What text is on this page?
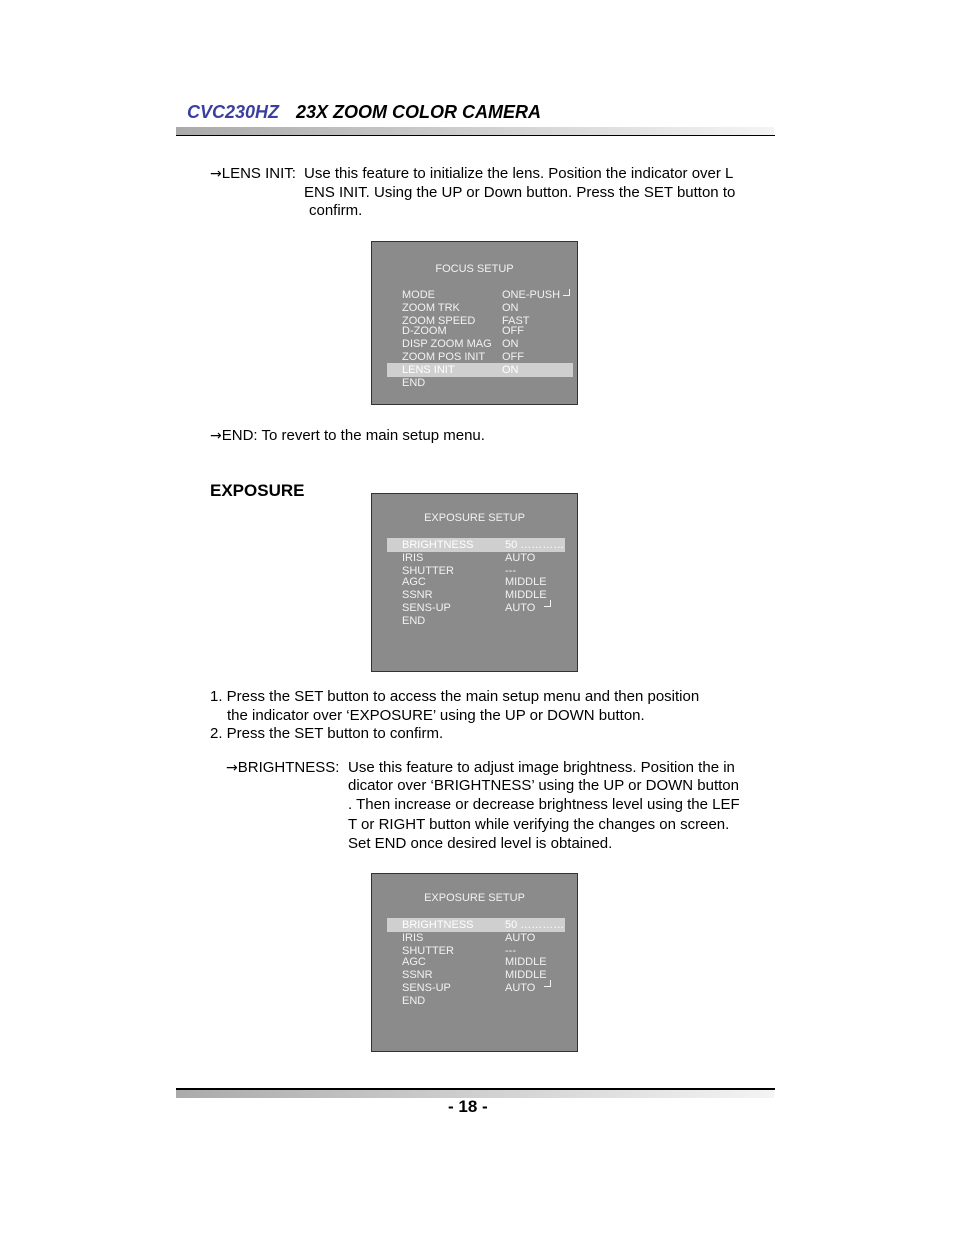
CVC230HZ 23X ZOOM COLOR CAMERA
→LENS INIT: Use this feature to initialize the lens. Position the indicator over L
ENS INIT. Using the UP or Down button. Press the SET button to
confirm.
FOCUS SETUP
MODE	ONE-PUSH
ZOOM TRK	ON
ZOOM SPEED FAST
D-ZOOM	OFF
DISP ZOOM MAG ON
ZOOM POS INIT OFF
LENS INIT	ON
END
→END: To revert to the main setup menu.
EXPOSURE
EXPOSURE SETUP
BRIGHTNESS	50 …………
IRIS	AUTO
SHUTTER	---
AGC	MIDDLE
SSNR	MIDDLE
SENS-UP	AUTO
END
1. Press the SET button to access the main setup menu and then position
the indicator over ‘EXPOSURE’ using the UP or DOWN button.
2. Press the SET button to confirm.
→BRIGHTNESS: Use this feature to adjust image brightness. Position the in
dicator over ‘BRIGHTNESS’ using the UP or DOWN button
. Then increase or decrease brightness level using the LEF
T or RIGHT button while verifying the changes on screen.
Set END once desired level is obtained.
EXPOSURE SETUP
BRIGHTNESS	50 …………
IRIS	AUTO
SHUTTER	---
AGC	MIDDLE
SSNR	MIDDLE
SENS-UP	AUTO
END
- 18 -
